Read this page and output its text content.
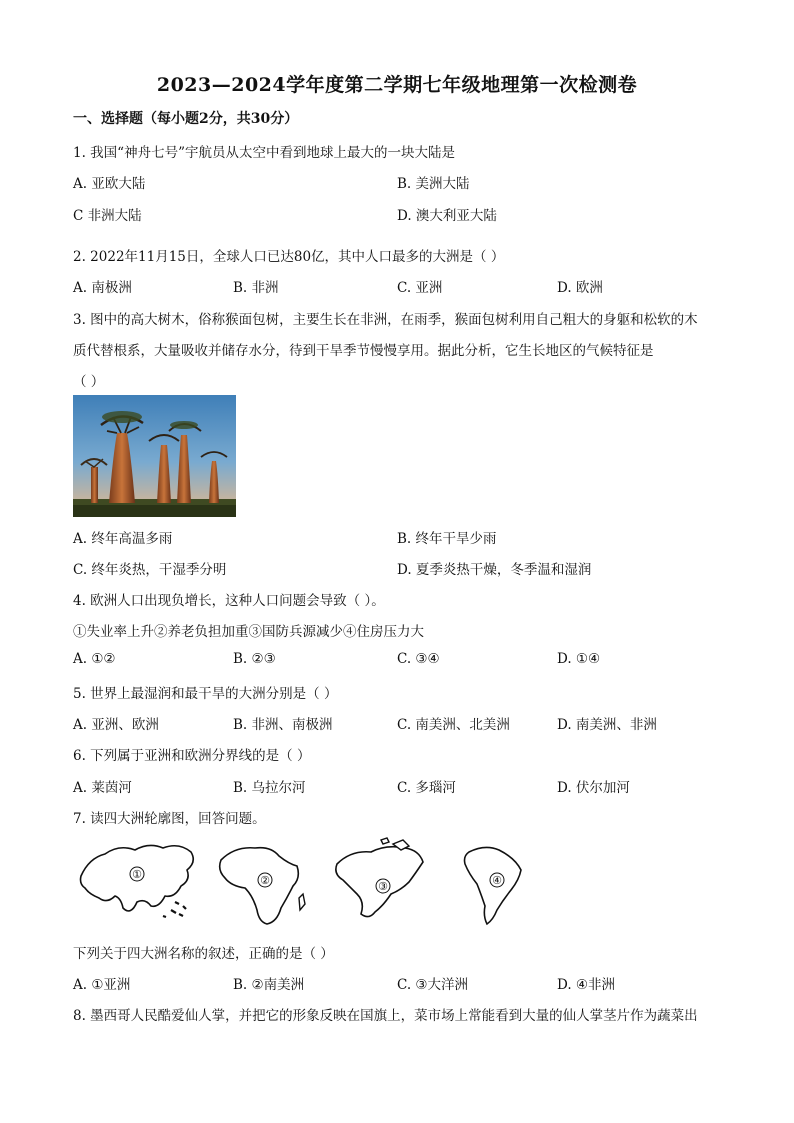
2023—2024学年度第二学期七年级地理第一次检测卷
一、选择题（每小题2分，共30分）
1. 我国“神舟七号”宇航员从太空中看到地球上最大的一块大陆是
A. 亚欧大陆	B. 美洲大陆
C 非洲大陆	D. 澳大利亚大陆
2. 2022年11月15日，全球人口已达80亿，其中人口最多的大洲是（ ）
A. 南极洲	B. 非洲	C. 亚洲	D. 欧洲
3. 图中的高大树木，俗称猴面包树，主要生长在非洲，在雨季，猴面包树利用自己粗大的身躯和松软的木
质代替根系，大量吸收并储存水分，待到干旱季节慢慢享用。据此分析，它生长地区的气候特征是
（ ）
A. 终年高温多雨	B. 终年干旱少雨
C. 终年炎热，干湿季分明	D. 夏季炎热干燥，冬季温和湿润
4. 欧洲人口出现负增长，这种人口问题会导致（ ）。
①失业率上升②养老负担加重③国防兵源减少④住房压力大
A. ①②	B. ②③	C. ③④	D. ①④
5. 世界上最湿润和最干旱的大洲分别是（ ）
A. 亚洲、欧洲	B. 非洲、南极洲	C. 南美洲、北美洲	D. 南美洲、非洲
6. 下列属于亚洲和欧洲分界线的是（ ）
A. 莱茵河	B. 乌拉尔河	C. 多瑙河	D. 伏尔加河
7. 读四大洲轮廓图，回答问题。
①	②	③	④
下列关于四大洲名称的叙述，正确的是（ ）
A. ①亚洲	B. ②南美洲	C. ③大洋洲	D. ④非洲
8. 墨西哥人民酷爱仙人掌，并把它的形象反映在国旗上，菜市场上常能看到大量的仙人掌茎片作为蔬菜出
